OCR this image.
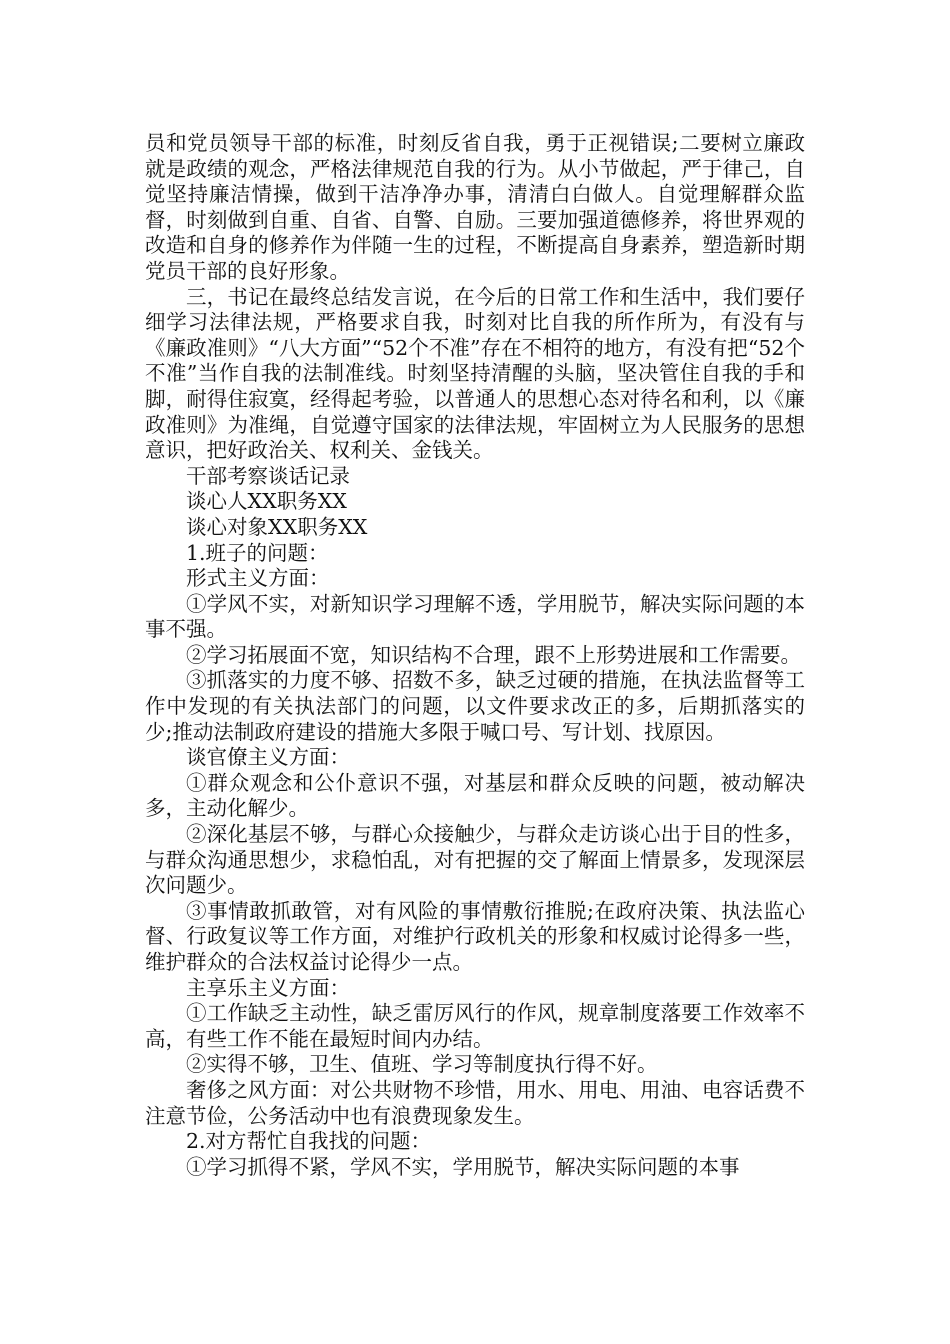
员和党员领导干部的标准，时刻反省自我，勇于正视错误;二要树立廉政就是政绩的观念，严格法律规范自我的行为。从小节做起，严于律己，自觉坚持廉洁情操，做到干洁净净办事，清清白白做人。自觉理解群众监督，时刻做到自重、自省、自警、自励。三要加强道德修养，将世界观的改造和自身的修养作为伴随一生的过程，不断提高自身素养，塑造新时期党员干部的良好形象。

三，书记在最终总结发言说，在今后的日常工作和生活中，我们要仔细学习法律法规，严格要求自我，时刻对比自我的所作所为，有没有与《廉政准则》“八大方面”“52个不准”存在不相符的地方，有没有把“52个不准”当作自我的法制准线。时刻坚持清醒的头脑，坚决管住自我的手和脚，耐得住寂寞，经得起考验，以普通人的思想心态对待名和利，以《廉政准则》为准绳，自觉遵守国家的法律法规，牢固树立为人民服务的思想意识，把好政治关、权利关、金钱关。

干部考察谈话记录

谈心人XX职务XX

谈心对象XX职务XX

1.班子的问题：

形式主义方面：

①学风不实，对新知识学习理解不透，学用脱节，解决实际问题的本事不强。

②学习拓展面不宽，知识结构不合理，跟不上形势进展和工作需要。

③抓落实的力度不够、招数不多，缺乏过硬的措施，在执法监督等工作中发现的有关执法部门的问题，以文件要求改正的多，后期抓落实的少;推动法制政府建设的措施大多限于喊口号、写计划、找原因。

谈官僚主义方面：

①群众观念和公仆意识不强，对基层和群众反映的问题，被动解决多，主动化解少。

②深化基层不够，与群心众接触少，与群众走访谈心出于目的性多，与群众沟通思想少，求稳怕乱，对有把握的交了解面上情景多，发现深层次问题少。

③事情敢抓敢管，对有风险的事情敷衍推脱;在政府决策、执法监心督、行政复议等工作方面，对维护行政机关的形象和权威讨论得多一些，维护群众的合法权益讨论得少一点。

主享乐主义方面：

①工作缺乏主动性，缺乏雷厉风行的作风，规章制度落要工作效率不高，有些工作不能在最短时间内办结。

②实得不够，卫生、值班、学习等制度执行得不好。

奢侈之风方面：对公共财物不珍惜，用水、用电、用油、电容话费不注意节俭，公务活动中也有浪费现象发生。

2.对方帮忙自我找的问题：

①学习抓得不紧，学风不实，学用脱节，解决实际问题的本事
